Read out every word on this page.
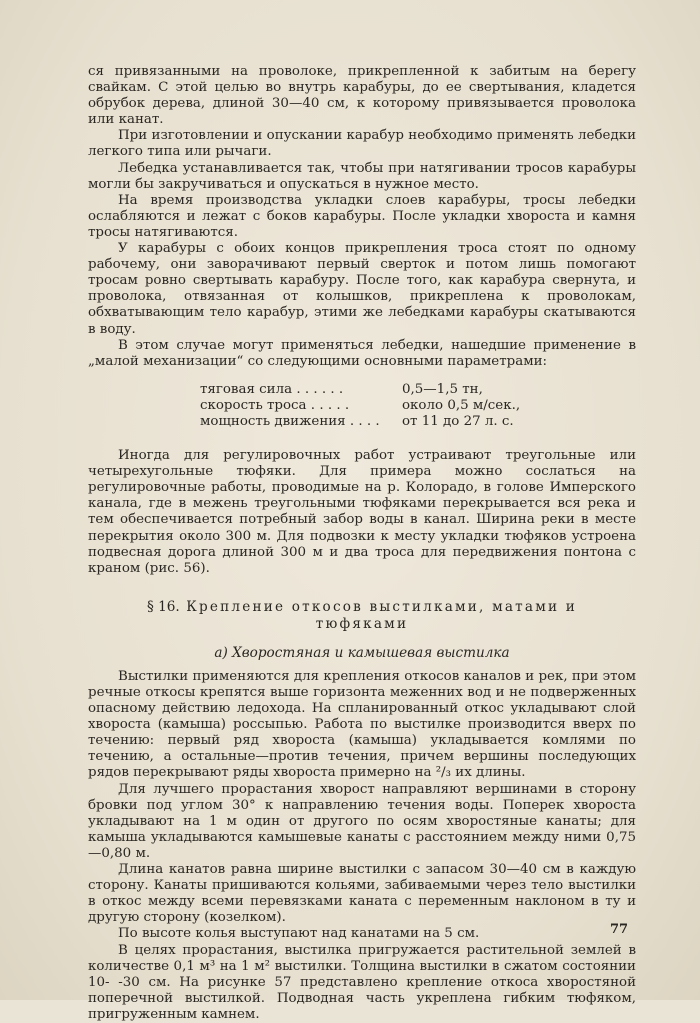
ся привязанными на проволоке, прикрепленной к забитым на берегу свайкам. С этой целью во внутрь карабуры, до ее свертывания, кладется обрубок дерева, длиной 30—40 см, к которому привязывается проволока или канат.

При изготовлении и опускании карабур необходимо применять лебедки легкого типа или рычаги.

Лебедка устанавливается так, чтобы при натягивании тросов карабуры могли бы закручиваться и опускаться в нужное место.

На время производства укладки слоев карабуры, тросы лебедки ослабляются и лежат с боков карабуры. После укладки хвороста и камня тросы натягиваются.

У карабуры с обоих концов прикрепления троса стоят по одному рабочему, они заворачивают первый сверток и потом лишь помогают тросам ровно свертывать карабуру. После того, как карабура свернута, и проволока, отвязанная от колышков, прикреплена к проволокам, обхватывающим тело карабур, этими же лебедками карабуры скатываются в воду.

В этом случае могут применяться лебедки, нашедшие применение в „малой механизации“ со следующими основными параметрами:

тяговая сила . . . . . .	0,5—1,5 тн,
скорость троса . . . . .	около 0,5 м/сек.,
мощность движения . . . .	от 11 до 27 л. с.

Иногда для регулировочных работ устраивают треугольные или четырехугольные тюфяки. Для примера можно сослаться на регулировочные работы, проводимые на р. Колорадо, в голове Имперского канала, где в межень треугольными тюфяками перекрывается вся река и тем обеспечивается потребный забор воды в канал. Ширина реки в месте перекрытия около 300 м. Для подвозки к месту укладки тюфяков устроена подвесная дорога длиной 300 м и два троса для передвижения понтона с краном (рис. 56).

§ 16. Крепление откосов выстилками, матами и
тюфяками
а) Хворостяная и камышевая выстилка

Выстилки применяются для крепления откосов каналов и рек, при этом речные откосы крепятся выше горизонта меженних вод и не подверженных опасному действию ледохода. На спланированный откос укладывают слой хвороста (камыша) россыпью. Работа по выстилке производится вверх по течению: первый ряд хвороста (камыша) укладывается комлями по течению, а остальные—против течения, причем вершины последующих рядов перекрывают ряды хвороста примерно на ²/₃ их длины.

Для лучшего прорастания хворост направляют вершинами в сторону бровки под углом 30° к направлению течения воды. Поперек хвороста укладывают на 1 м один от другого по осям хворостяные канаты; для камыша укладываются камышевые канаты с расстоянием между ними 0,75—0,80 м.

Длина канатов равна ширине выстилки с запасом 30—40 см в каждую сторону. Канаты пришиваются кольями, забиваемыми через тело выстилки в откос между всеми перевязками каната с переменным наклоном в ту и другую сторону (козелком).

По высоте колья выступают над канатами на 5 см.

В целях прорастания, выстилка пригружается растительной землей в количестве 0,1 м³ на 1 м² выстилки. Толщина выстилки в сжатом состоянии 10- -30 см. На рисунке 57 представлено крепление откоса хворостяной поперечной выстилкой. Подводная часть укреплена гибким тюфяком, пригруженным камнем.

77
